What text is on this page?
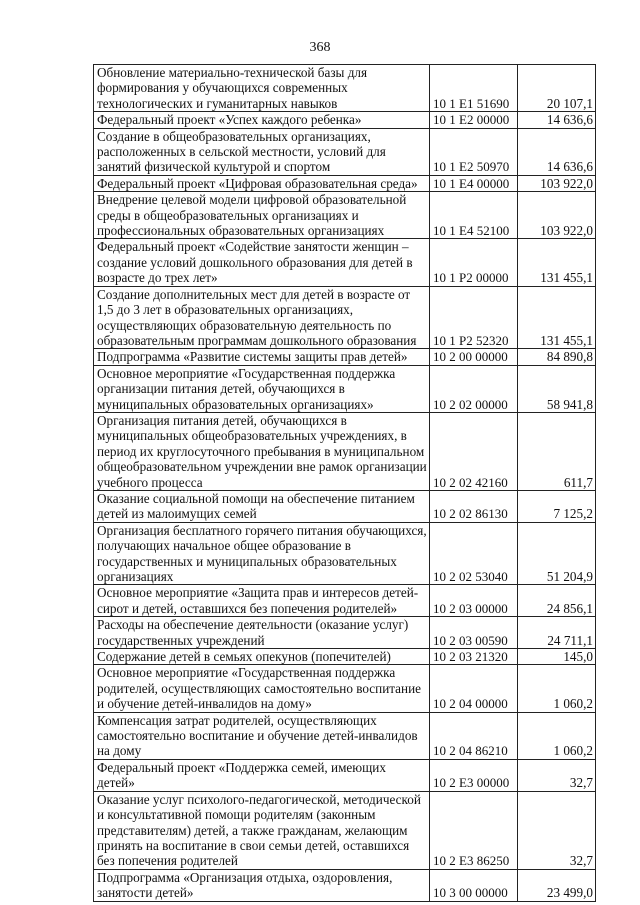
368
Обновление материально-технической базы для формирования у обучающихся современных технологических и гуманитарных навыков	10 1 E1 51690	20 107,1
Федеральный проект «Успех каждого ребенка»	10 1 E2 00000	14 636,6
Создание в общеобразовательных организациях, расположенных в сельской местности, условий для занятий физической культурой и спортом	10 1 E2 50970	14 636,6
Федеральный проект «Цифровая образовательная среда»	10 1 E4 00000	103 922,0
Внедрение целевой модели цифровой образовательной среды в общеобразовательных организациях и профессиональных образовательных организациях	10 1 E4 52100	103 922,0
Федеральный проект «Содействие занятости женщин – создание условий дошкольного образования для детей в возрасте до трех лет»	10 1 P2 00000	131 455,1
Создание дополнительных мест для детей в возрасте от 1,5 до 3 лет в образовательных организациях, осуществляющих образовательную деятельность по образовательным программам дошкольного образования	10 1 P2 52320	131 455,1
Подпрограмма «Развитие системы защиты прав детей»	10 2 00 00000	84 890,8
Основное мероприятие «Государственная поддержка организации питания детей, обучающихся в муниципальных образовательных организациях»	10 2 02 00000	58 941,8
Организация питания детей, обучающихся в муниципальных общеобразовательных учреждениях, в период их круглосуточного пребывания в муниципальном общеобразовательном учреждении вне рамок организации учебного процесса	10 2 02 42160	611,7
Оказание социальной помощи на обеспечение питанием детей из малоимущих семей	10 2 02 86130	7 125,2
Организация бесплатного горячего питания обучающихся, получающих начальное общее образование в государственных и муниципальных образовательных организациях	10 2 02 53040	51 204,9
Основное мероприятие «Защита прав и интересов детей-сирот и детей, оставшихся без попечения родителей»	10 2 03 00000	24 856,1
Расходы на обеспечение деятельности (оказание услуг) государственных учреждений	10 2 03 00590	24 711,1
Содержание детей в семьях опекунов (попечителей)	10 2 03 21320	145,0
Основное мероприятие «Государственная поддержка родителей, осуществляющих самостоятельно воспитание и обучение детей-инвалидов на дому»	10 2 04 00000	1 060,2
Компенсация затрат родителей, осуществляющих самостоятельно воспитание и обучение детей-инвалидов на дому	10 2 04 86210	1 060,2
Федеральный проект «Поддержка семей, имеющих детей»	10 2 E3 00000	32,7
Оказание услуг психолого-педагогической, методической и консультативной помощи родителям (законным представителям) детей, а также гражданам, желающим принять на воспитание в свои семьи детей, оставшихся без попечения родителей	10 2 E3 86250	32,7
Подпрограмма «Организация отдыха, оздоровления, занятости детей»	10 3 00 00000	23 499,0
